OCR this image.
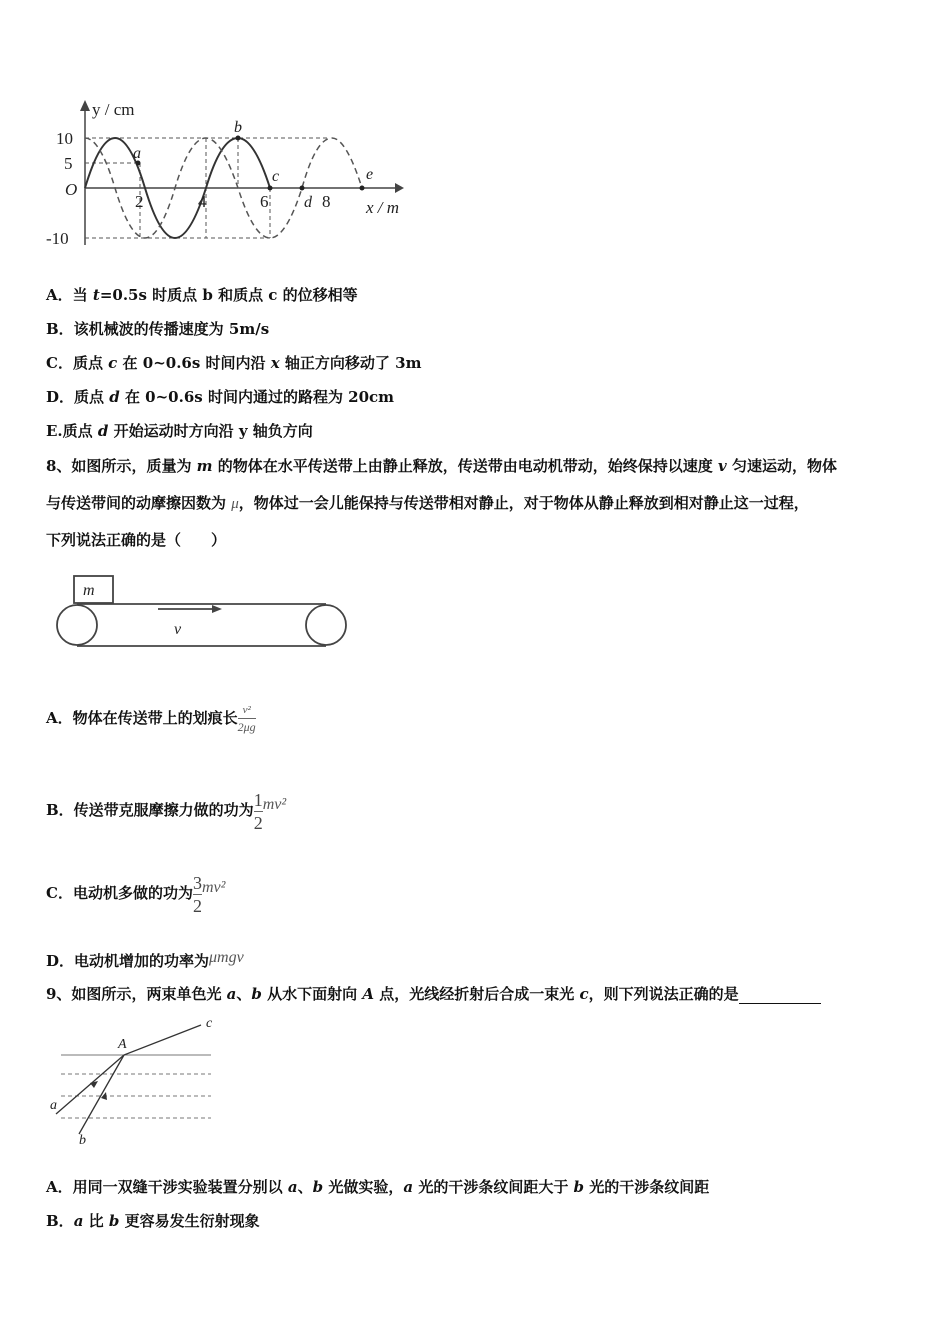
y / cm
x / m
O
10
5
-10
2	4	6	8
a
b
c
d
e
A．当 t=0.5s 时质点 b 和质点 c 的位移相等
B．该机械波的传播速度为 5m/s
C．质点 c 在 0~0.6s 时间内沿 x 轴正方向移动了 3m
D．质点 d 在 0~0.6s 时间内通过的路程为 20cm
E.质点 d 开始运动时方向沿 y 轴负方向
8、如图所示，质量为 m 的物体在水平传送带上由静止释放，传送带由电动机带动，始终保持以速度 v 匀速运动，物体
与传送带间的动摩擦因数为 μ，物体过一会儿能保持与传送带相对静止，对于物体从静止释放到相对静止这一过程，
下列说法正确的是（　　）
m
v
A．物体在传送带上的划痕长 $\frac{\text{v²}}{2\mu g}$
B．传送带克服摩擦力做的功为 $\frac{1}{2} mv^2$
C．电动机多做的功为 $\frac{3}{2} mv^2$
D．电动机增加的功率为μmgv
9、如图所示，两束单色光 a、b 从水下面射向 A 点，光线经折射后合成一束光 c，则下列说法正确的是
A
a
b
c
A．用同一双缝干涉实验装置分别以 a、b 光做实验，a 光的干涉条纹间距大于 b 光的干涉条纹间距
B．a 比 b 更容易发生衍射现象
